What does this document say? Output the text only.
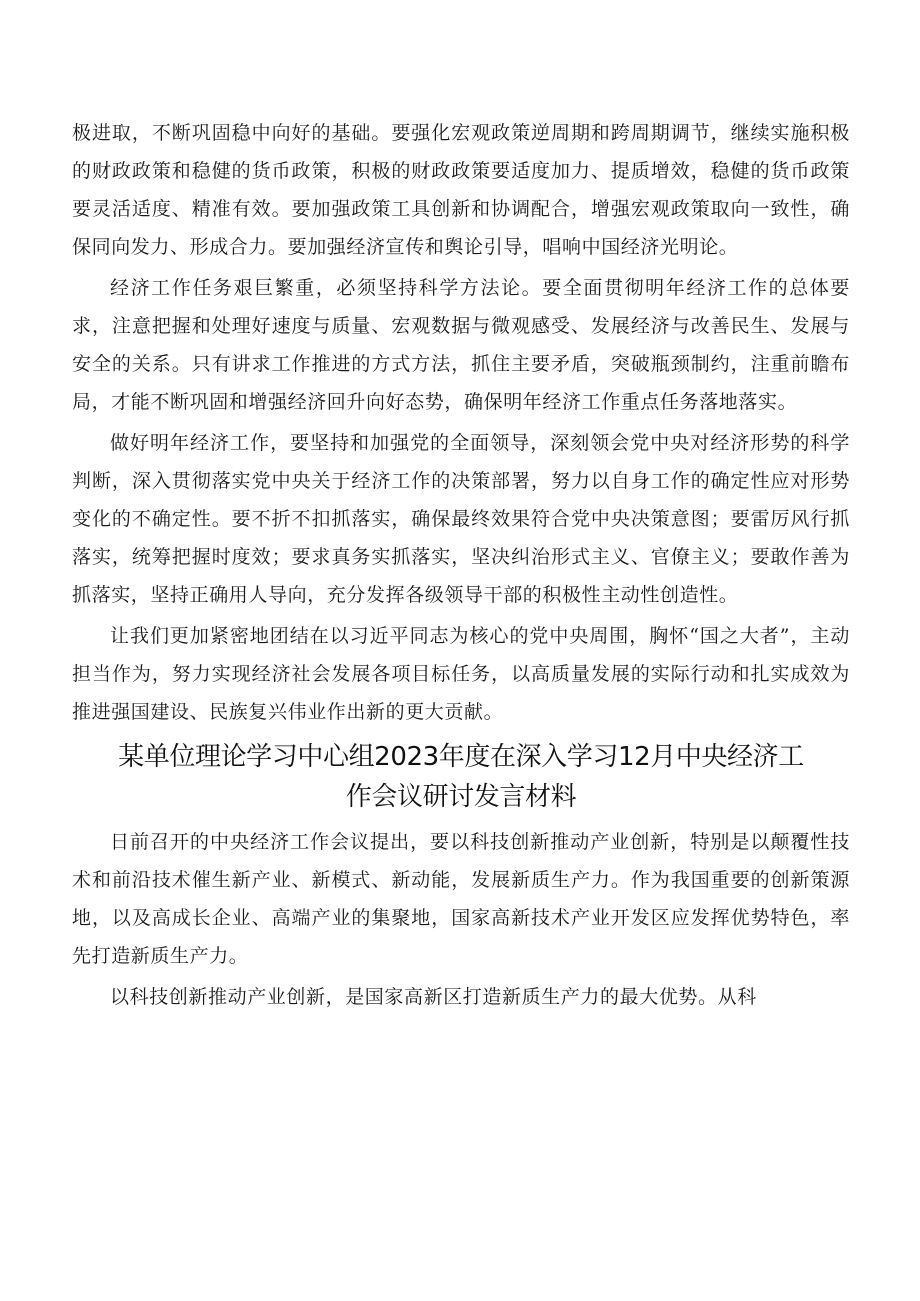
极进取，不断巩固稳中向好的基础。要强化宏观政策逆周期和跨周期调节，继续实施积极的财政政策和稳健的货币政策，积极的财政政策要适度加力、提质增效，稳健的货币政策要灵活适度、精准有效。要加强政策工具创新和协调配合，增强宏观政策取向一致性，确保同向发力、形成合力。要加强经济宣传和舆论引导，唱响中国经济光明论。

经济工作任务艰巨繁重，必须坚持科学方法论。要全面贯彻明年经济工作的总体要求，注意把握和处理好速度与质量、宏观数据与微观感受、发展经济与改善民生、发展与安全的关系。只有讲求工作推进的方式方法，抓住主要矛盾，突破瓶颈制约，注重前瞻布局，才能不断巩固和增强经济回升向好态势，确保明年经济工作重点任务落地落实。

做好明年经济工作，要坚持和加强党的全面领导，深刻领会党中央对经济形势的科学判断，深入贯彻落实党中央关于经济工作的决策部署，努力以自身工作的确定性应对形势变化的不确定性。要不折不扣抓落实，确保最终效果符合党中央决策意图；要雷厉风行抓落实，统筹把握时度效；要求真务实抓落实，坚决纠治形式主义、官僚主义；要敢作善为抓落实，坚持正确用人导向，充分发挥各级领导干部的积极性主动性创造性。

让我们更加紧密地团结在以习近平同志为核心的党中央周围，胸怀“国之大者”，主动担当作为，努力实现经济社会发展各项目标任务，以高质量发展的实际行动和扎实成效为推进强国建设、民族复兴伟业作出新的更大贡献。

某单位理论学习中心组2023年度在深入学习12月中央经济工

作会议研讨发言材料

日前召开的中央经济工作会议提出，要以科技创新推动产业创新，特别是以颠覆性技术和前沿技术催生新产业、新模式、新动能，发展新质生产力。作为我国重要的创新策源地，以及高成长企业、高端产业的集聚地，国家高新技术产业开发区应发挥优势特色，率先打造新质生产力。

以科技创新推动产业创新，是国家高新区打造新质生产力的最大优势。从科
